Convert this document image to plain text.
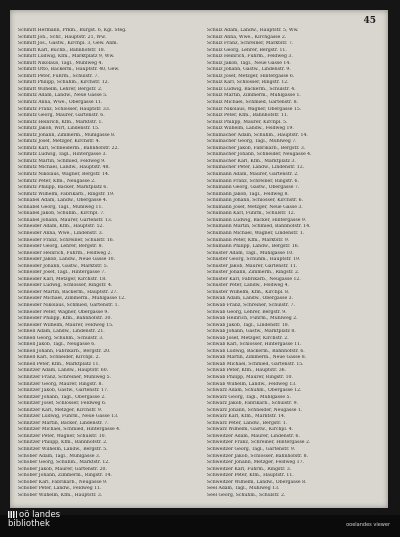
45
Schmitt Hermann, Prkm., Burgst. 6, Kgl. Steg.
Schmitt Joh., Schr., Hauptstr. 21, Ww.
Schmitt Jos., Gastw., Kirchpl. 3, Gew. Anm.
Schmitt Karl, Buchb., Bahnhofstr. 18.
Schmitt Ludwig, Kfm., Marktplatz 9, Ww.
Schmitt Nikolaus, Tagl., Mühlweg 4.
Schmitt Otto, Bäckerm., Hauptstr. 40, Gew.
Schmitt Peter, Fuhrm., Schulstr. 7.
Schmitt Philipp, Schuhm., Kirchstr. 12.
Schmitt Wilhelm, Lehrer, Bergstr. 2.
Schmitz Adam, Landw., Neue Gasse 5.
Schmitz Anna, Wwe., Obergasse 11.
Schmitz Franz, Schlosser, Hauptstr. 33.
Schmitz Georg, Maurer, Gartenstr. 6.
Schmitz Heinrich, Kfm., Marktstr. 1.
Schmitz Jakob, Wirt, Lindenstr. 15.
Schmitz Johann, Zimmerm., Mühlgasse 8.
Schmitz Josef, Metzger, Kirchstr. 4.
Schmitz Karl, Schneiderm., Bahnhofstr. 22.
Schmitz Ludwig, Tagl., Hintergasse 3.
Schmitz Martin, Schmied, Feldweg 9.
Schmitz Michael, Landw., Hauptstr. 48.
Schmitz Nikolaus, Wagner, Bergstr. 14.
Schmitz Peter, Kfm., Neugasse 2.
Schmitz Philipp, Bäcker, Marktplatz 6.
Schmitz Wilhelm, Fabrikarb., Ringstr. 19.
Schnabel Adam, Landw., Obergasse 4.
Schnabel Georg, Tagl., Mühlweg 11.
Schnabel Jakob, Schuhm., Kirchpl. 7.
Schnabel Johann, Maurer, Gartenstr. 13.
Schneider Adam, Kfm., Hauptstr. 52.
Schneider Anna, Wwe., Lindenstr. 3.
Schneider Franz, Schreiner, Schulstr. 16.
Schneider Georg, Lehrer, Bergstr. 8.
Schneider Heinrich, Fuhrm., Feldweg 2.
Schneider Jakob, Landw., Neue Gasse 10.
Schneider Johann, Gastw., Marktstr. 5.
Schneider Josef, Tagl., Hintergasse 7.
Schneider Karl, Metzger, Kirchstr. 18.
Schneider Ludwig, Schlosser, Ringstr. 4.
Schneider Martin, Bäckerm., Hauptstr. 27.
Schneider Michael, Zimmerm., Mühlgasse 12.
Schneider Nikolaus, Schmied, Gartenstr. 1.
Schneider Peter, Wagner, Obergasse 9.
Schneider Philipp, Kfm., Bahnhofstr. 30.
Schneider Wilhelm, Maurer, Feldweg 15.
Schnell Adam, Landw., Lindenstr. 21.
Schnell Georg, Schuhm., Schulstr. 3.
Schnell Jakob, Tagl., Neugasse 6.
Schnell Johann, Fabrikarb., Bergstr. 20.
Schnell Karl, Schneider, Kirchpl. 2.
Schnell Peter, Kfm., Marktplatz 11.
Schnitzer Adam, Landw., Hauptstr. 60.
Schnitzer Franz, Schreiner, Mühlweg 5.
Schnitzer Georg, Maurer, Ringstr. 8.
Schnitzer Jakob, Gastw., Gartenstr. 17.
Schnitzer Johann, Tagl., Obergasse 2.
Schnitzer Josef, Schlosser, Feldweg 6.
Schnitzer Karl, Metzger, Kirchstr. 9.
Schnitzer Ludwig, Fuhrm., Neue Gasse 13.
Schnitzer Martin, Bäcker, Lindenstr. 7.
Schnitzer Michael, Schmied, Hintergasse 4.
Schnitzer Peter, Wagner, Schulstr. 10.
Schnitzer Philipp, Kfm., Bahnhofstr. 2.
Schnitzer Wilhelm, Landw., Bergstr. 5.
Schober Adam, Tagl., Mühlgasse 3.
Schober Georg, Schuhm., Marktstr. 12.
Schober Jakob, Maurer, Gartenstr. 20.
Schober Johann, Zimmerm., Ringstr. 14.
Schober Karl, Fabrikarb., Neugasse 9.
Schober Peter, Landw., Feldweg 11.
Schober Wilhelm, Kfm., Hauptstr. 3.
Schulz Adam, Landw., Hauptstr. 5, Ww.
Schulz Anna, Wwe., Kirchgasse 2.
Schulz Franz, Schreiner, Marktstr. 7.
Schulz Georg, Lehrer, Bergstr. 11.
Schulz Heinrich, Fuhrm., Feldweg 3.
Schulz Jakob, Tagl., Neue Gasse 14.
Schulz Johann, Gastw., Lindenstr. 9.
Schulz Josef, Metzger, Hintergasse 6.
Schulz Karl, Schlosser, Ringstr. 12.
Schulz Ludwig, Bäckerm., Schulstr. 4.
Schulz Martin, Zimmerm., Mühlgasse 1.
Schulz Michael, Schmied, Gartenstr. 8.
Schulz Nikolaus, Wagner, Obergasse 15.
Schulz Peter, Kfm., Bahnhofstr. 11.
Schulz Philipp, Maurer, Kirchpl. 5.
Schulz Wilhelm, Landw., Feldweg 19.
Schumacher Adam, Schuhm., Hauptstr. 14.
Schumacher Georg, Tagl., Mühlweg 7.
Schumacher Jakob, Fabrikarb., Bergstr. 3.
Schumacher Johann, Schneider, Neugasse 4.
Schumacher Karl, Kfm., Marktplatz 3.
Schumacher Peter, Landw., Lindenstr. 12.
Schumann Adam, Maurer, Gartenstr. 2.
Schumann Franz, Schreiner, Ringstr. 6.
Schumann Georg, Gastw., Obergasse 7.
Schumann Jakob, Tagl., Feldweg 8.
Schumann Johann, Schlosser, Kirchstr. 6.
Schumann Josef, Metzger, Neue Gasse 3.
Schumann Karl, Fuhrm., Schulstr. 12.
Schumann Ludwig, Bäcker, Hintergasse 9.
Schumann Martin, Schmied, Bahnhofstr. 14.
Schumann Michael, Wagner, Lindenstr. 1.
Schumann Peter, Kfm., Marktstr. 9.
Schumann Philipp, Landw., Bergstr. 16.
Schuster Adam, Tagl., Mühlgasse 10.
Schuster Georg, Schuhm., Hauptstr. 19.
Schuster Jakob, Maurer, Gartenstr. 11.
Schuster Johann, Zimmerm., Ringstr. 2.
Schuster Karl, Fabrikarb., Neugasse 12.
Schuster Peter, Landw., Feldweg 4.
Schuster Wilhelm, Kfm., Kirchpl. 8.
Schwab Adam, Landw., Obergasse 3.
Schwab Franz, Schreiner, Schulstr. 7.
Schwab Georg, Lehrer, Bergstr. 9.
Schwab Heinrich, Fuhrm., Mühlweg 2.
Schwab Jakob, Tagl., Lindenstr. 18.
Schwab Johann, Gastw., Marktplatz 8.
Schwab Josef, Metzger, Kirchstr. 2.
Schwab Karl, Schlosser, Hintergasse 11.
Schwab Ludwig, Bäckerm., Bahnhofstr. 6.
Schwab Martin, Zimmerm., Neue Gasse 8.
Schwab Michael, Schmied, Gartenstr. 15.
Schwab Peter, Kfm., Hauptstr. 36.
Schwab Philipp, Maurer, Ringstr. 10.
Schwab Wilhelm, Landw., Feldweg 13.
Schwarz Adam, Schuhm., Obergasse 12.
Schwarz Georg, Tagl., Mühlgasse 5.
Schwarz Jakob, Fabrikarb., Schulstr. 9.
Schwarz Johann, Schneider, Neugasse 1.
Schwarz Karl, Kfm., Marktstr. 14.
Schwarz Peter, Landw., Bergstr. 1.
Schwarz Wilhelm, Gastw., Kirchpl. 4.
Schweitzer Adam, Maurer, Lindenstr. 6.
Schweitzer Franz, Schreiner, Hintergasse 2.
Schweitzer Georg, Tagl., Gartenstr. 9.
Schweitzer Jakob, Schlosser, Bahnhofstr. 8.
Schweitzer Johann, Metzger, Feldweg 17.
Schweitzer Karl, Fuhrm., Ringstr. 3.
Schweitzer Peter, Kfm., Hauptstr. 11.
Schweitzer Wilhelm, Landw., Obergasse 8.
Seel Adam, Tagl., Mühlweg 13.
Seel Georg, Schuhm., Schulstr. 2.
oö landes
bibliothek	ooelandes viewer
